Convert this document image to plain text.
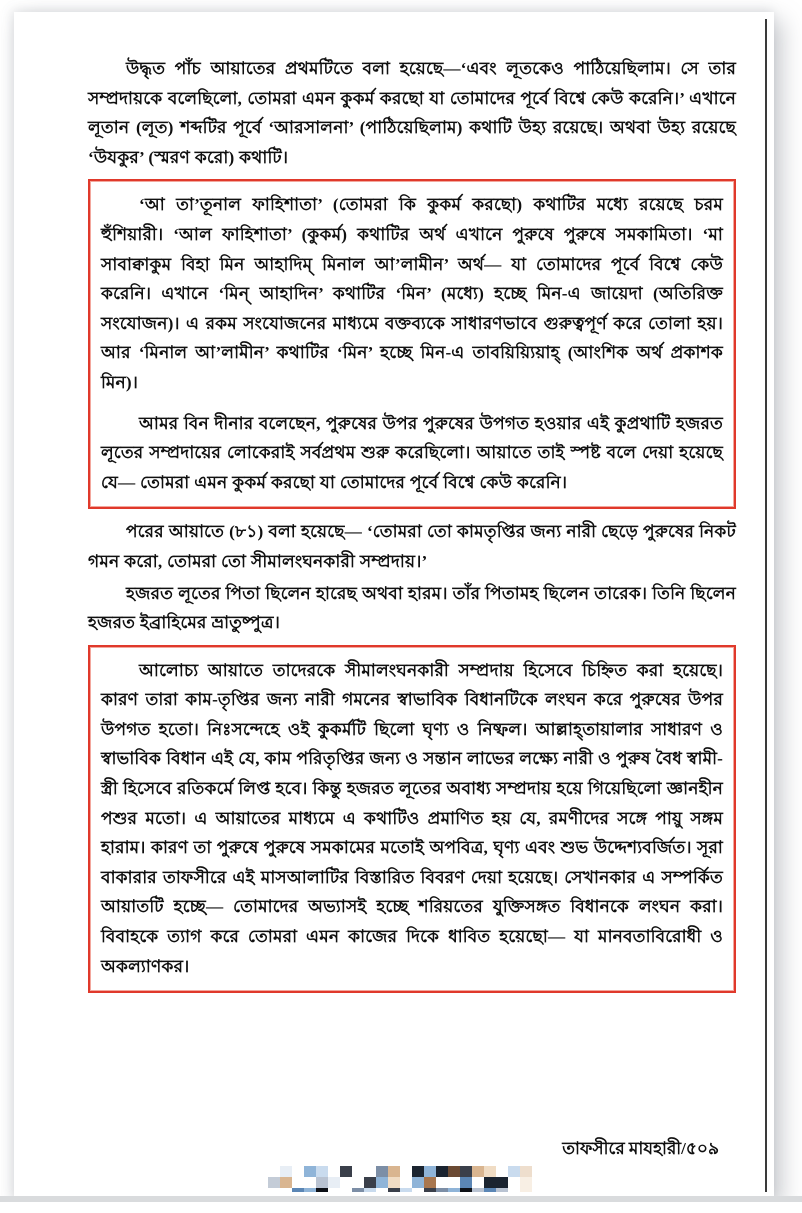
উদ্ধৃত পাঁচ আয়াতের প্রথমটিতে বলা হয়েছে—‘এবং লূতকেও পাঠিয়েছিলাম। সে তার সম্প্রদায়কে বলেছিলো, তোমরা এমন কুকর্ম করছো যা তোমাদের পূর্বে বিশ্বে কেউ করেনি।’ এখানে লূতান (লূত) শব্দটির পূর্বে ‘আরসালনা’ (পাঠিয়েছিলাম) কথাটি উহ্য রয়েছে। অথবা উহ্য রয়েছে ‘উযকুর’ (স্মরণ করো) কথাটি।

‘আ তা’তূনাল ফাহিশাতা’ (তোমরা কি কুকর্ম করছো) কথাটির মধ্যে রয়েছে চরম হুঁশিয়ারী। ‘আল ফাহিশাতা’ (কুকর্ম) কথাটির অর্থ এখানে পুরুষে পুরুষে সমকামিতা। ‘মা সাবাক্বাকুম বিহা মিন আহাদিম্ মিনাল আ’লামীন’ অর্থ— যা তোমাদের পূর্বে বিশ্বে কেউ করেনি। এখানে ‘মিন্ আহাদিন’ কথাটির ‘মিন’ (মধ্যে) হচ্ছে মিন-এ জায়েদা (অতিরিক্ত সংযোজন)। এ রকম সংযোজনের মাধ্যমে বক্তব্যকে সাধারণভাবে গুরুত্বপূর্ণ করে তোলা হয়। আর ‘মিনাল আ’লামীন’ কথাটির ‘মিন’ হচ্ছে মিন-এ তাবয়িয়্যিয়াহ্ (আংশিক অর্থ প্রকাশক মিন)।

আমর বিন দীনার বলেছেন, পুরুষের উপর পুরুষের উপগত হওয়ার এই কুপ্রথাটি হজরত লূতের সম্প্রদায়ের লোকেরাই সর্বপ্রথম শুরু করেছিলো। আয়াতে তাই স্পষ্ট বলে দেয়া হয়েছে যে— তোমরা এমন কুকর্ম করছো যা তোমাদের পূর্বে বিশ্বে কেউ করেনি।

পরের আয়াতে (৮১) বলা হয়েছে— ‘তোমরা তো কামতৃপ্তির জন্য নারী ছেড়ে পুরুষের নিকট গমন করো, তোমরা তো সীমালংঘনকারী সম্প্রদায়।’

হজরত লূতের পিতা ছিলেন হারেছ অথবা হারম। তাঁর পিতামহ ছিলেন তারেক। তিনি ছিলেন হজরত ইব্রাহিমের ভ্রাতুষ্পুত্র।

আলোচ্য আয়াতে তাদেরকে সীমালংঘনকারী সম্প্রদায় হিসেবে চিহ্নিত করা হয়েছে। কারণ তারা কাম-তৃপ্তির জন্য নারী গমনের স্বাভাবিক বিধানটিকে লংঘন করে পুরুষের উপর উপগত হতো। নিঃসন্দেহে ওই কুকর্মটি ছিলো ঘৃণ্য ও নিষ্ফল। আল্লাহ্তায়ালার সাধারণ ও স্বাভাবিক বিধান এই যে, কাম পরিতৃপ্তির জন্য ও সন্তান লাভের লক্ষ্যে নারী ও পুরুষ বৈধ স্বামী-স্ত্রী হিসেবে রতিকর্মে লিপ্ত হবে। কিন্তু হজরত লূতের অবাধ্য সম্প্রদায় হয়ে গিয়েছিলো জ্ঞানহীন পশুর মতো। এ আয়াতের মাধ্যমে এ কথাটিও প্রমাণিত হয় যে, রমণীদের সঙ্গে পায়ু সঙ্গম হারাম। কারণ তা পুরুষে পুরুষে সমকামের মতোই অপবিত্র, ঘৃণ্য এবং শুভ উদ্দেশ্যবর্জিত। সূরা বাকারার তাফসীরে এই মাসআলাটির বিস্তারিত বিবরণ দেয়া হয়েছে। সেখানকার এ সম্পর্কিত আয়াতটি হচ্ছে— তোমাদের অভ্যাসই হচ্ছে শরিয়তের যুক্তিসঙ্গত বিধানকে লংঘন করা। বিবাহকে ত্যাগ করে তোমরা এমন কাজের দিকে ধাবিত হয়েছো— যা মানবতাবিরোধী ও অকল্যাণকর।

তাফসীরে মাযহারী/৫০৯
